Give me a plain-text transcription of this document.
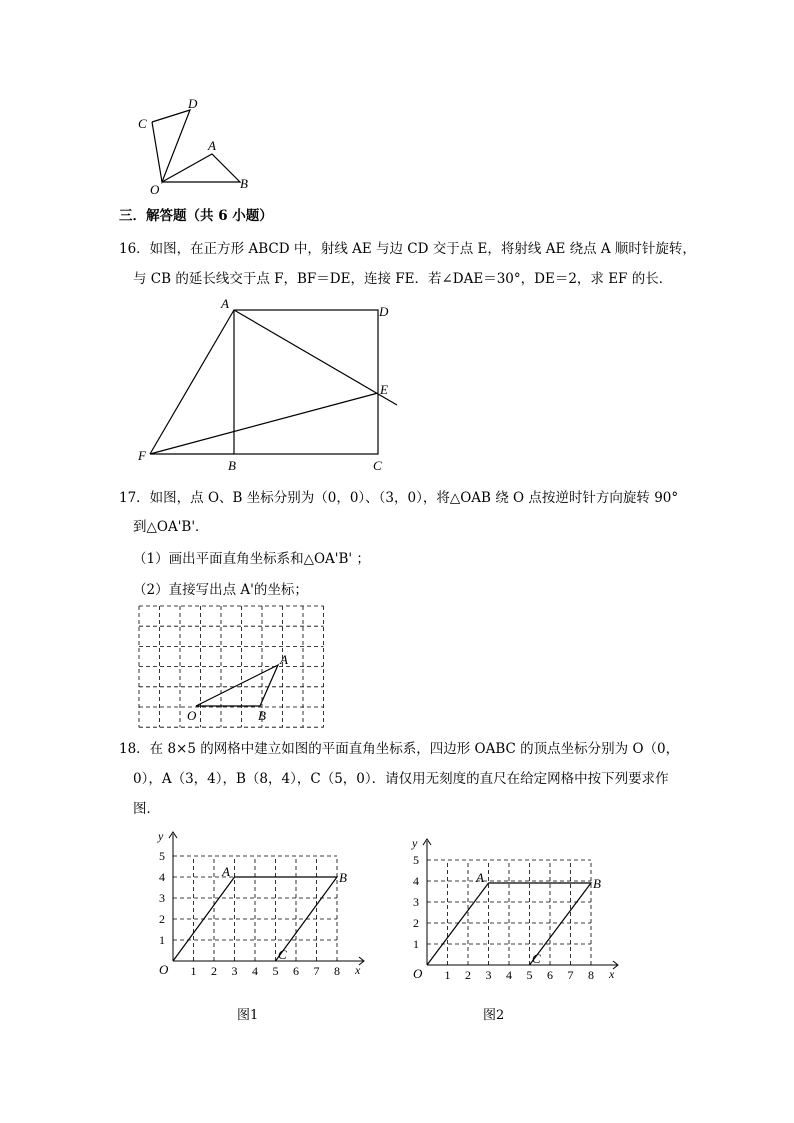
C
D
A
O	B
三．解答题（共 6 小题）
16．如图，在正方形 ABCD 中，射线 AE 与边 CD 交于点 E，将射线 AE 绕点 A 顺时针旋转，
与 CB 的延长线交于点 F，BF＝DE，连接 FE．若∠DAE＝30°，DE＝2，求 EF 的长．
A
D
E
F
B	C
17．如图，点 O、B 坐标分别为（0，0）、（3，0），将△OAB 绕 O 点按逆时针方向旋转 90°
到△OA'B'．
（1）画出平面直角坐标系和△OA'B' ；
（2）直接写出点 A'的坐标；
A
O	B
18．在 8×5 的网格中建立如图的平面直角坐标系，四边形 OABC 的顶点坐标分别为 O（0，
0），A（3，4），B（8，4），C（5，0）．请仅用无刻度的直尺在给定网格中按下列要求作
图．
1 2 3 4 5 6 7 8
1
2
3
4
5
x
y
O
A	B
C
图1
1 2 3 4 5 6 7 8
1
2
3
4
5
x
y
O
A	B
C
图2
